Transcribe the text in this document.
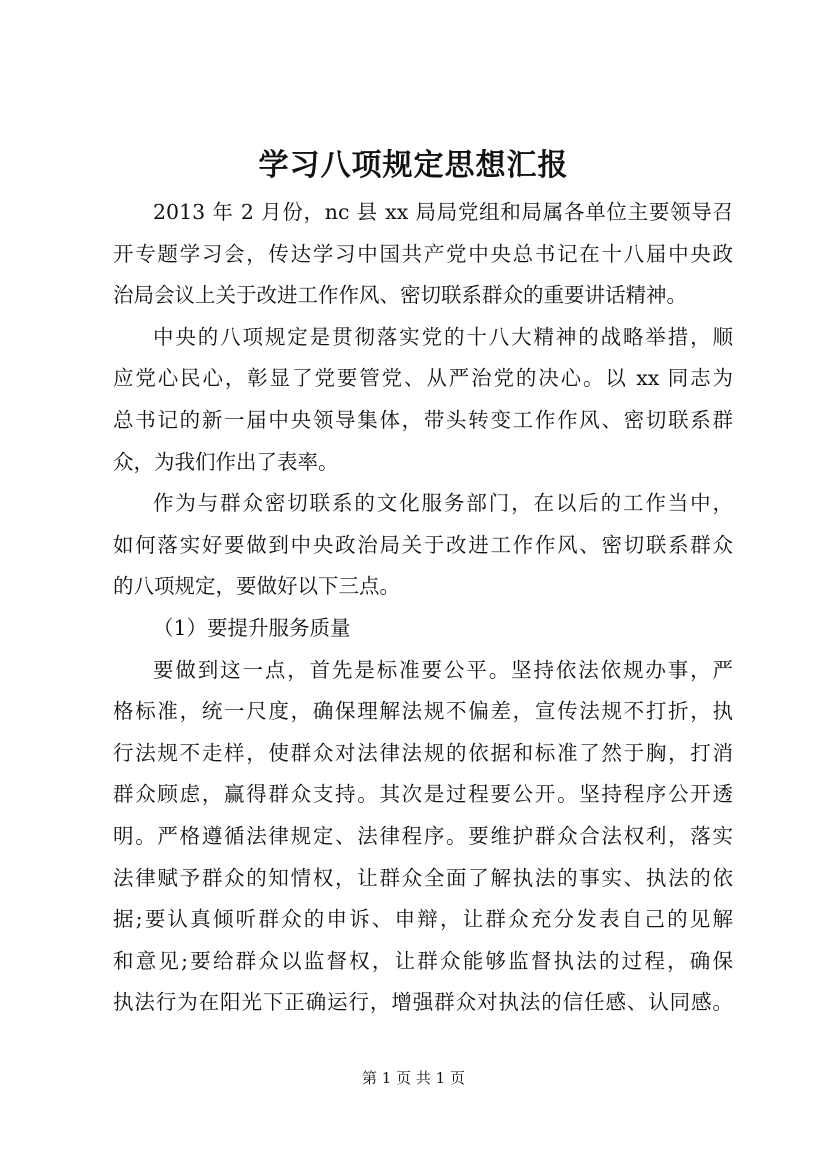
学习八项规定思想汇报
2013 年 2 月份，nc 县 xx 局局党组和局属各单位主要领导召
开专题学习会，传达学习中国共产党中央总书记在十八届中央政
治局会议上关于改进工作作风、密切联系群众的重要讲话精神。
中央的八项规定是贯彻落实党的十八大精神的战略举措，顺
应党心民心，彰显了党要管党、从严治党的决心。以 xx 同志为
总书记的新一届中央领导集体，带头转变工作作风、密切联系群
众，为我们作出了表率。
作为与群众密切联系的文化服务部门，在以后的工作当中，
如何落实好要做到中央政治局关于改进工作作风、密切联系群众
的八项规定，要做好以下三点。
（1）要提升服务质量
要做到这一点，首先是标准要公平。坚持依法依规办事，严
格标准，统一尺度，确保理解法规不偏差，宣传法规不打折，执
行法规不走样，使群众对法律法规的依据和标准了然于胸，打消
群众顾虑，赢得群众支持。其次是过程要公开。坚持程序公开透
明。严格遵循法律规定、法律程序。要维护群众合法权利，落实
法律赋予群众的知情权，让群众全面了解执法的事实、执法的依
据;要认真倾听群众的申诉、申辩，让群众充分发表自己的见解
和意见;要给群众以监督权，让群众能够监督执法的过程，确保
执法行为在阳光下正确运行，增强群众对执法的信任感、认同感。
第 1 页 共 1 页
